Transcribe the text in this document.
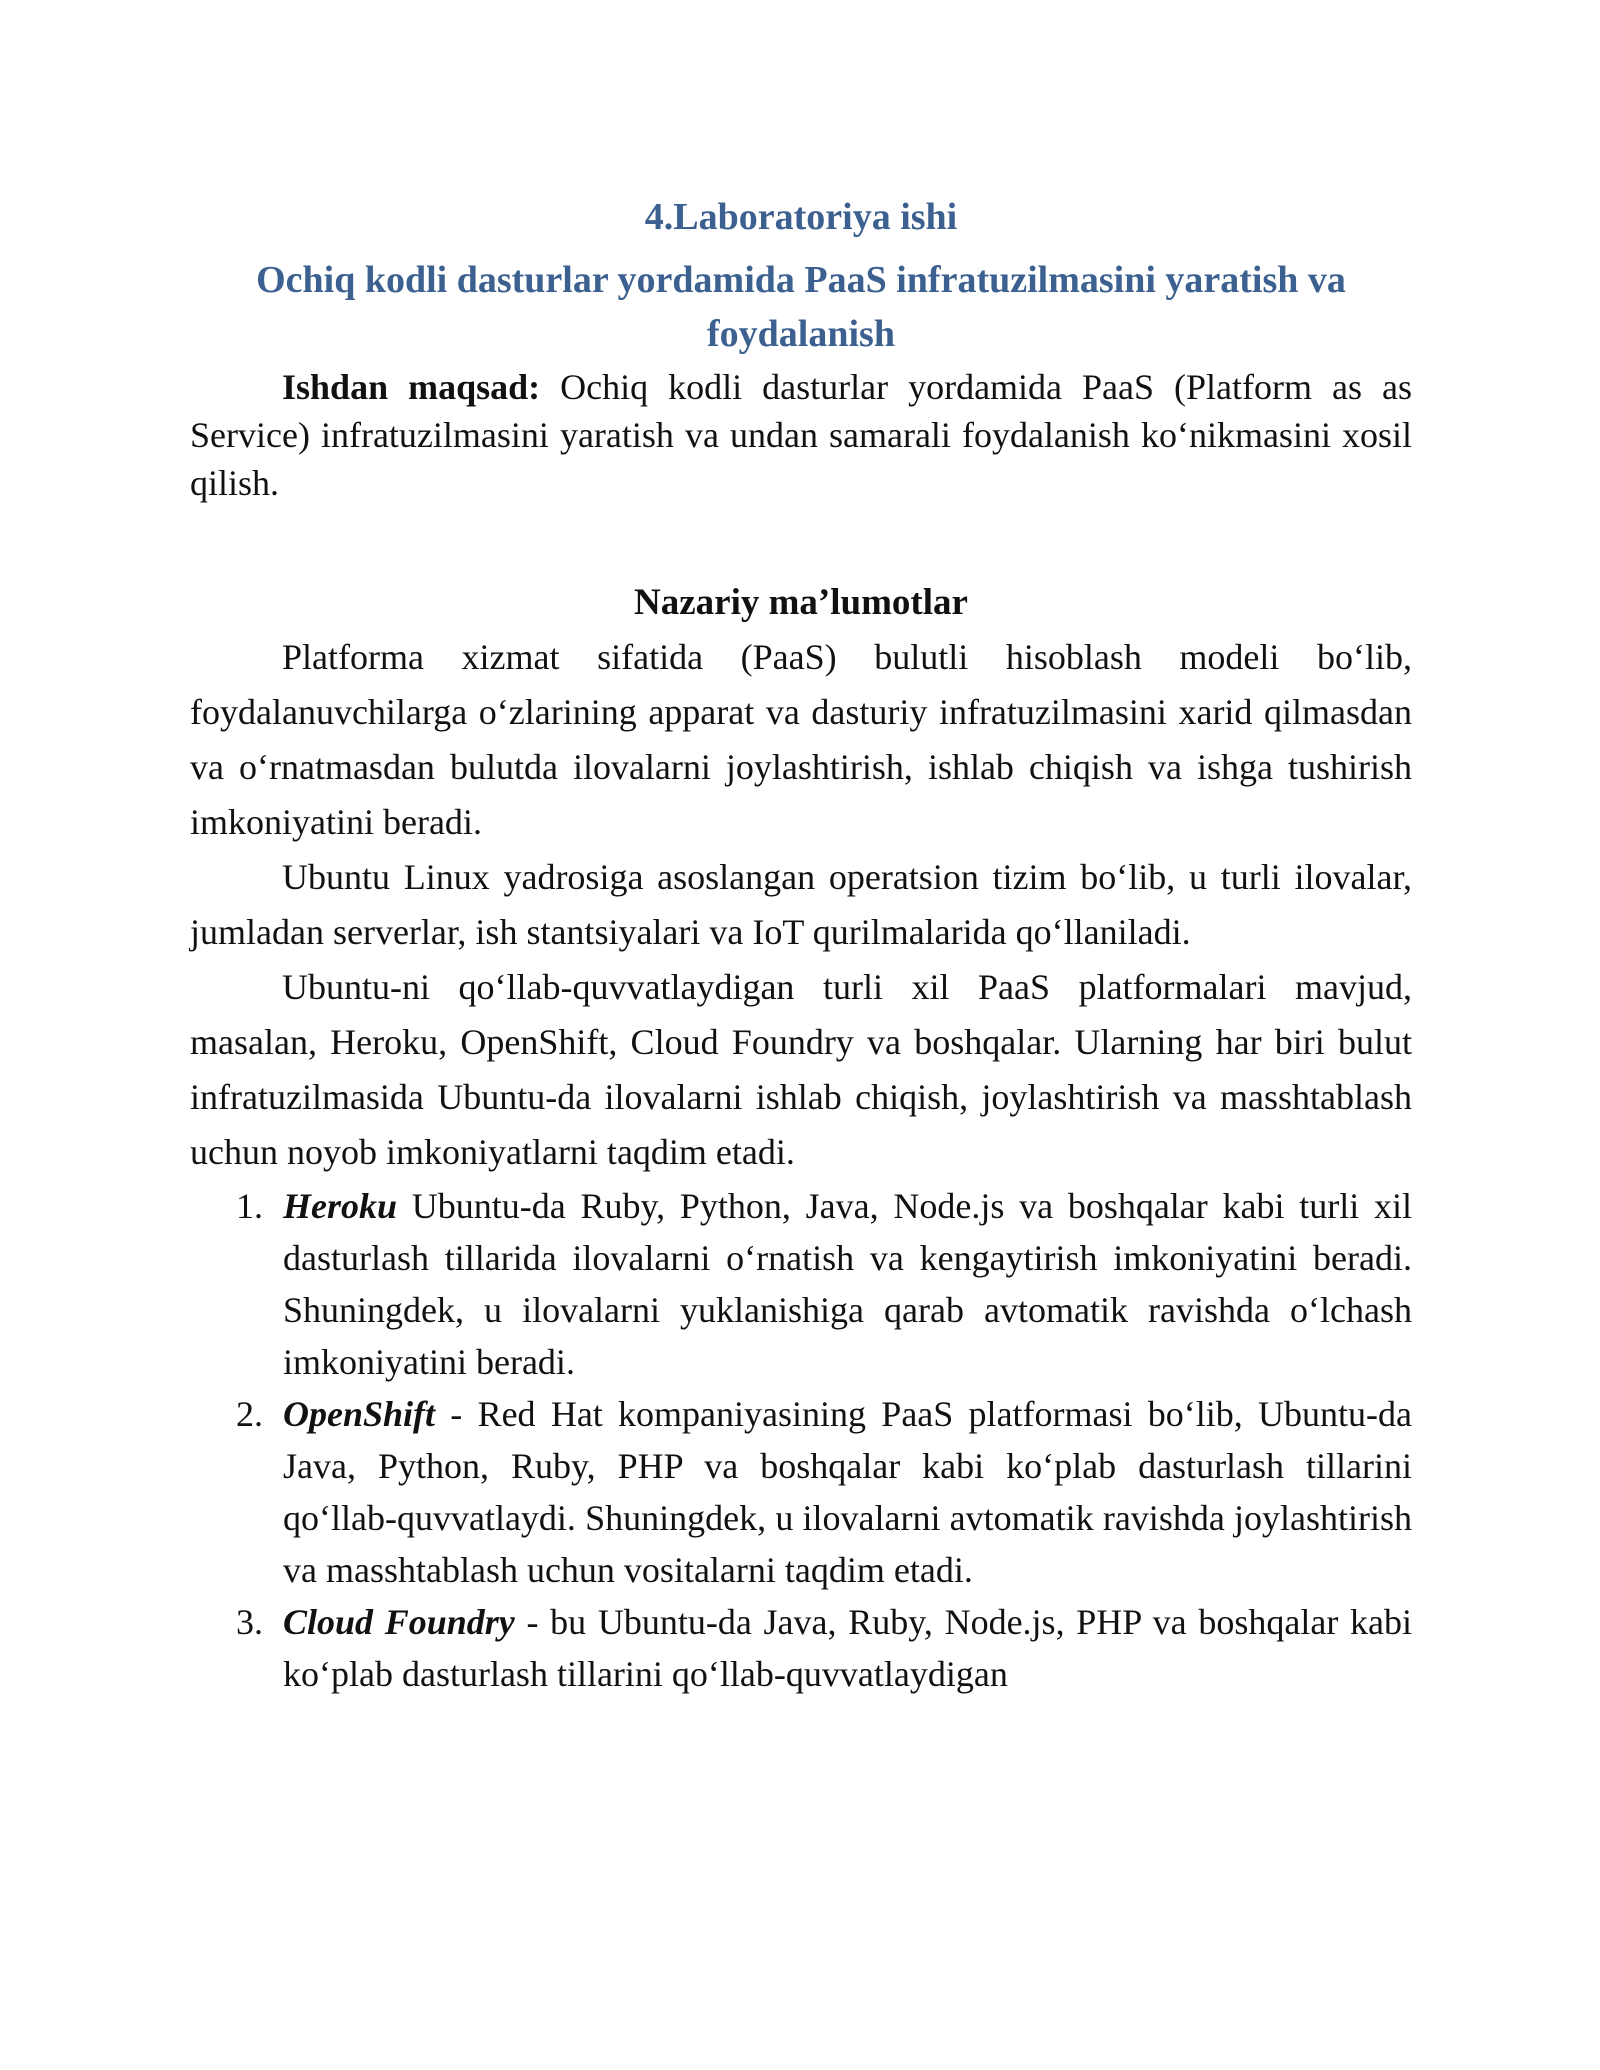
4.Laboratoriya ishi
Ochiq kodli dasturlar yordamida PaaS infratuzilmasini yaratish va foydalanish

Ishdan maqsad: Ochiq kodli dasturlar yordamida PaaS (Platform as as Service) infratuzilmasini yaratish va undan samarali foydalanish ko‘nikmasini xosil qilish.

Nazariy ma’lumotlar

Platforma xizmat sifatida (PaaS) bulutli hisoblash modeli bo‘lib, foydalanuvchilarga o‘zlarining apparat va dasturiy infratuzilmasini xarid qilmasdan va o‘rnatmasdan bulutda ilovalarni joylashtirish, ishlab chiqish va ishga tushirish imkoniyatini beradi.

Ubuntu Linux yadrosiga asoslangan operatsion tizim bo‘lib, u turli ilovalar, jumladan serverlar, ish stantsiyalari va IoT qurilmalarida qo‘llaniladi.

Ubuntu-ni qo‘llab-quvvatlaydigan turli xil PaaS platformalari mavjud, masalan, Heroku, OpenShift, Cloud Foundry va boshqalar. Ularning har biri bulut infratuzilmasida Ubuntu-da ilovalarni ishlab chiqish, joylashtirish va masshtablash uchun noyob imkoniyatlarni taqdim etadi.

1. Heroku Ubuntu-da Ruby, Python, Java, Node.js va boshqalar kabi turli xil dasturlash tillarida ilovalarni o‘rnatish va kengaytirish imkoniyatini beradi. Shuningdek, u ilovalarni yuklanishiga qarab avtomatik ravishda o‘lchash imkoniyatini beradi.
2. OpenShift - Red Hat kompaniyasining PaaS platformasi bo‘lib, Ubuntu-da Java, Python, Ruby, PHP va boshqalar kabi ko‘plab dasturlash tillarini qo‘llab-quvvatlaydi. Shuningdek, u ilovalarni avtomatik ravishda joylashtirish va masshtablash uchun vositalarni taqdim etadi.
3. Cloud Foundry - bu Ubuntu-da Java, Ruby, Node.js, PHP va boshqalar kabi ko‘plab dasturlash tillarini qo‘llab-quvvatlaydigan
